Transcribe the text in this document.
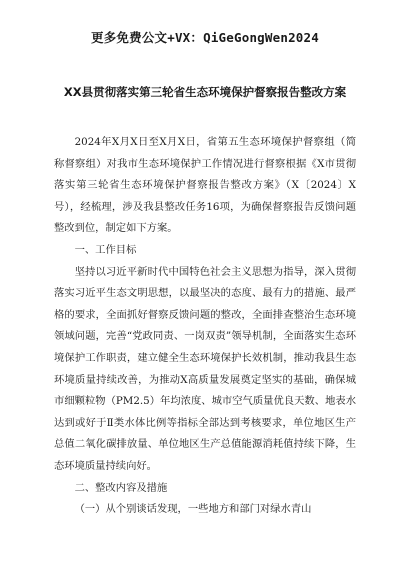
更多免费公文+VX：QiGeGongWen2024
XX县贯彻落实第三轮省生态环境保护督察报告整改方案

2024年X月X日至X月X日，省第五生态环境保护督察组（简称督察组）对我市生态环境保护工作情况进行督察根据《X市贯彻落实第三轮省生态环境保护督察报告整改方案》（X〔2024〕X号），经梳理，涉及我县整改任务16项，为确保督察报告反馈问题整改到位，制定如下方案。

一、工作目标

坚持以习近平新时代中国特色社会主义思想为指导，深入贯彻落实习近平生态文明思想，以最坚决的态度、最有力的措施、最严格的要求，全面抓好督察反馈问题的整改，全面排查整治生态环境领域问题，完善“党政同责、一岗双责”领导机制，全面落实生态环境保护工作职责，建立健全生态环境保护长效机制，推动我县生态环境质量持续改善，为推动X高质量发展奠定坚实的基础，确保城市细颗粒物（PM2.5）年均浓度、城市空气质量优良天数、地表水达到或好于Ⅱ类水体比例等指标全部达到考核要求，单位地区生产总值二氧化碳排放量、单位地区生产总值能源消耗值持续下降，生态环境质量持续向好。

二、整改内容及措施

（一）从个别谈话发现，一些地方和部门对绿水青山
